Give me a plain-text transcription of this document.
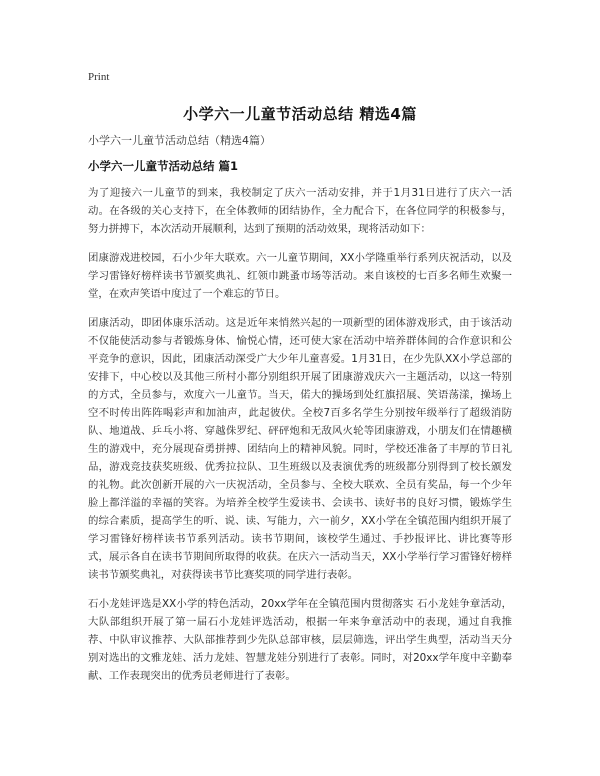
Print
小学六一儿童节活动总结 精选4篇
小学六一儿童节活动总结（精选4篇）
小学六一儿童节活动总结 篇1

为了迎接六一儿童节的到来，我校制定了庆六一活动安排，并于1月31日进行了庆六一活动。在各级的关心支持下，在全体教师的团结协作，全力配合下，在各位同学的积极参与，努力拼搏下，本次活动开展顺利，达到了预期的活动效果，现将活动如下：

团康游戏进校园，石小少年大联欢。六一儿童节期间，XX小学隆重举行系列庆祝活动，以及学习雷锋好榜样读书节颁奖典礼、红领巾跳蚤市场等活动。来自该校的七百多名师生欢聚一堂，在欢声笑语中度过了一个难忘的节日。

团康活动，即团体康乐活动。这是近年来悄然兴起的一项新型的团体游戏形式，由于该活动不仅能使活动参与者锻炼身体、愉悦心情，还可使大家在活动中培养群体间的合作意识和公平竞争的意识，因此，团康活动深受广大少年儿童喜爱。1月31日，在少先队XX小学总部的安排下，中心校以及其他三所村小都分别组织开展了团康游戏庆六一主题活动，以这一特别的方式，全员参与，欢度六一儿童节。当天，偌大的操场到处红旗招展、笑语荡漾，操场上空不时传出阵阵喝彩声和加油声，此起彼伏。全校7百多名学生分别按年级举行了超级消防队、地道战、乒乓小将、穿越侏罗纪、砰砰炮和无敌风火轮等团康游戏，小朋友们在情趣横生的游戏中，充分展现奋勇拼搏、团结向上的精神风貌。同时，学校还准备了丰厚的节日礼品，游戏竞技获奖班级、优秀拉拉队、卫生班级以及表演优秀的班级都分别得到了校长颁发的礼物。此次创新开展的六一庆祝活动，全员参与、全校大联欢、全员有奖品，每一个少年脸上都洋溢的幸福的笑容。为培养全校学生爱读书、会读书、读好书的良好习惯，锻炼学生的综合素质，提高学生的听、说、读、写能力，六一前夕，XX小学在全镇范围内组织开展了学习雷锋好榜样读书节系列活动。读书节期间，该校学生通过、手抄报评比、讲比赛等形式，展示各自在读书节期间所取得的收获。在庆六一活动当天，XX小学举行学习雷锋好榜样读书节颁奖典礼，对获得读书节比赛奖项的同学进行表彰。

石小龙娃评选是XX小学的特色活动，20xx学年在全镇范围内贯彻落实 石小龙娃争章活动，大队部组织开展了第一届石小龙娃评选活动，根据一年来争章活动中的表现，通过自我推荐、中队审议推荐、大队部推荐到少先队总部审核，层层筛选，评出学生典型，活动当天分别对选出的文雅龙娃、活力龙娃、智慧龙娃分别进行了表彰。同时，对20xx学年度中辛勤奉献、工作表现突出的优秀员老师进行了表彰。
